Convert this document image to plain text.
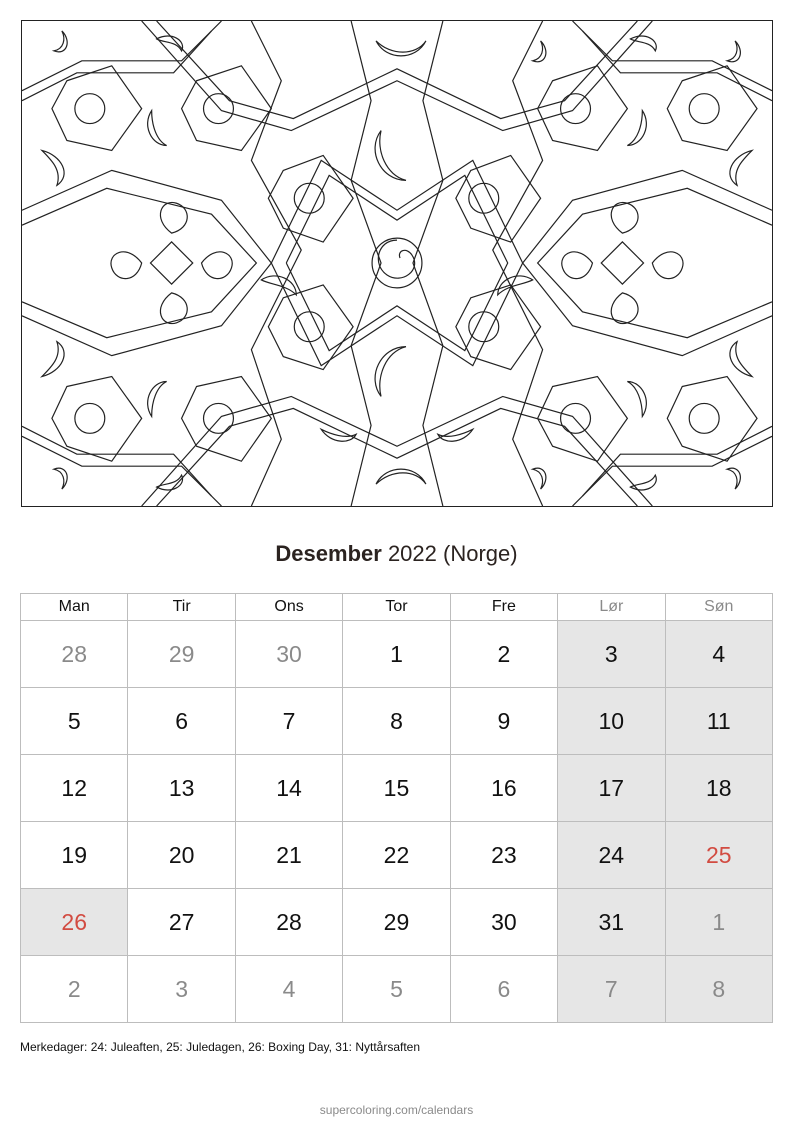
Desember 2022 (Norge)
Man	Tir	Ons	Tor	Fre	Lør	Søn
28	29	30	1	2	3	4
5	6	7	8	9	10	11
12	13	14	15	16	17	18
19	20	21	22	23	24	25
26	27	28	29	30	31	1
2	3	4	5	6	7	8
Merkedager: 24: Juleaften, 25: Juledagen, 26: Boxing Day, 31: Nyttårsaften
supercoloring.com/calendars
